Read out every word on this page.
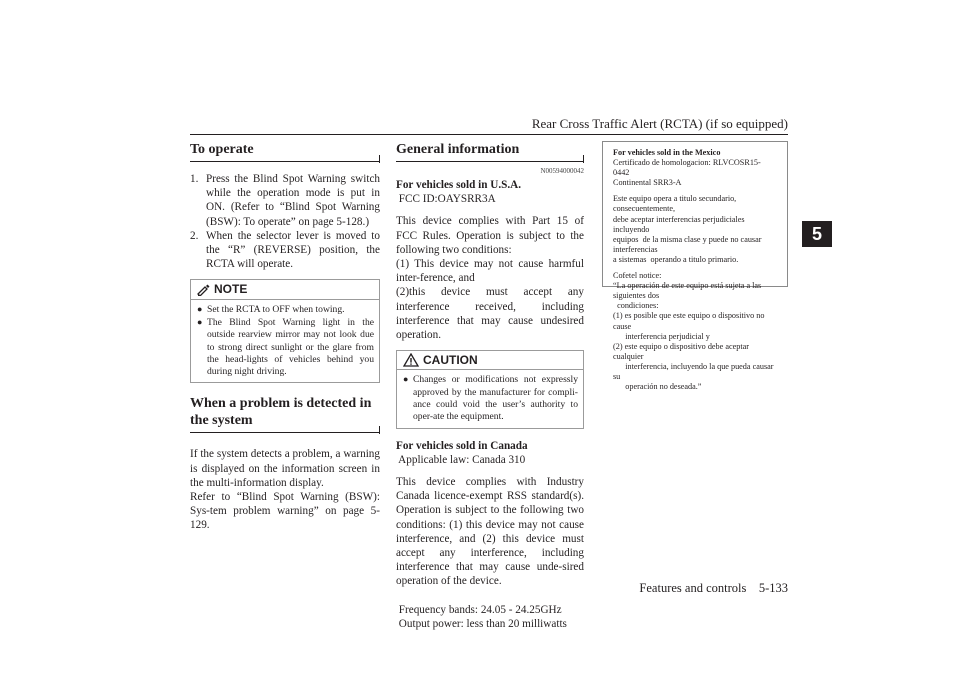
Rear Cross Traffic Alert (RCTA) (if so equipped)
5
To operate
1. Press the Blind Spot Warning switch while the operation mode is put in ON. (Refer to “Blind Spot Warning (BSW): To operate” on page 5-128.)
2. When the selector lever is moved to the “R” (REVERSE) position, the RCTA will operate.
NOTE
● Set the RCTA to OFF when towing.
● The Blind Spot Warning light in the outside rearview mirror may not look due to strong direct sunlight or the glare from the head-lights of vehicles behind you during night driving.
When a problem is detected in the system
If the system detects a problem, a warning is displayed on the information screen in the multi-information display.
Refer to “Blind Spot Warning (BSW): Sys-tem problem warning” on page 5-129.
General information
N00594000042
For vehicles sold in U.S.A.
FCC ID:OAYSRR3A
This device complies with Part 15 of FCC Rules. Operation is subject to the following two conditions:
(1) This device may not cause harmful inter-ference, and
(2)this device must accept any interference received, including interference that may cause undesired operation.
CAUTION
● Changes or modifications not expressly approved by the manufacturer for compli-ance could void the user’s authority to oper-ate the equipment.
For vehicles sold in Canada
Applicable law: Canada 310
This device complies with Industry Canada licence-exempt RSS standard(s). Operation is subject to the following two conditions: (1) this device may not cause interference, and (2) this device must accept any interference, including interference that may cause unde-sired operation of the device.
Frequency bands: 24.05 - 24.25GHz
Output power: less than 20 milliwatts
For vehicles sold in the Mexico
Certificado de homologacion: RLVCOSR15-0442
Continental SRR3-A
Este equipo opera a titulo secundario, consecuentemente,
debe aceptar interferencias perjudiciales incluyendo
equipos  de la misma clase y puede no causar interferencias
a sistemas  operando a titulo primario.
Cofetel notice:
“La operación de este equipo está sujeta a las siguientes dos
condiciones:
(1) es posible que este equipo o dispositivo no cause
interferencia perjudicial y
(2) este equipo o dispositivo debe aceptar cualquier
interferencia, incluyendo la que pueda causar su
operación no deseada.”
Features and controls    5-133
